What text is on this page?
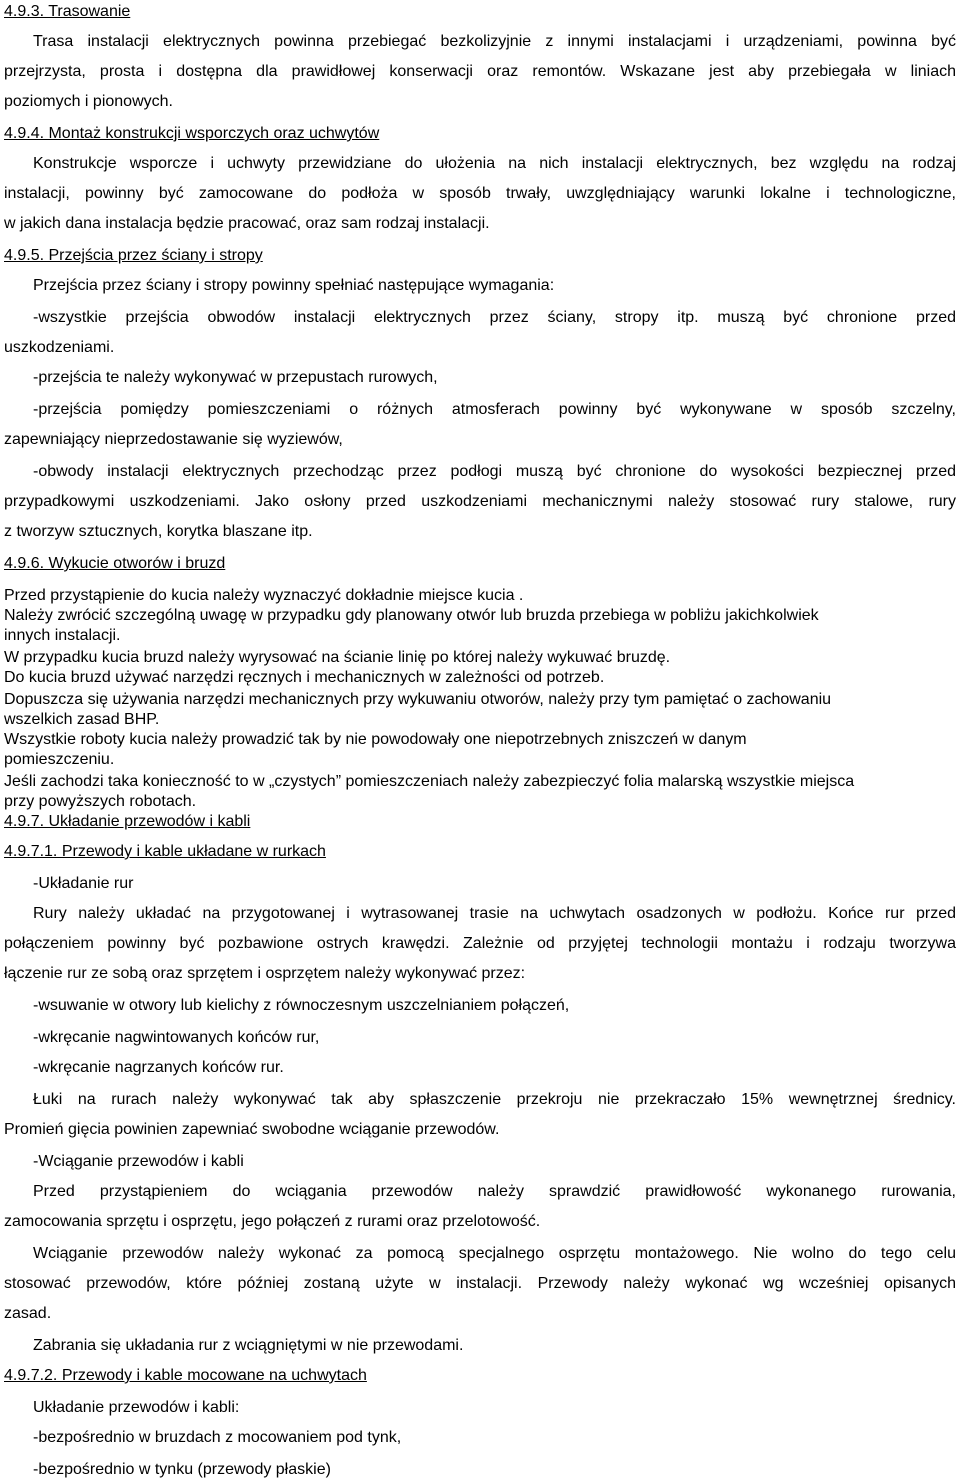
4.9.3. Trasowanie

Trasa instalacji elektrycznych powinna przebiegać bezkolizyjnie z innymi instalacjami i urządzeniami, powinna być

przejrzysta, prosta i dostępna dla prawidłowej konserwacji oraz remontów. Wskazane jest aby przebiegała w liniach

poziomych i pionowych.

4.9.4. Montaż konstrukcji wsporczych oraz uchwytów

Konstrukcje wsporcze i uchwyty przewidziane do ułożenia na nich instalacji elektrycznych, bez względu na rodzaj

instalacji, powinny być zamocowane do podłoża w sposób trwały, uwzględniający warunki lokalne i technologiczne,

w jakich dana instalacja będzie pracować, oraz sam rodzaj instalacji.

4.9.5. Przejścia przez ściany i stropy

Przejścia przez ściany i stropy powinny spełniać następujące wymagania:

-wszystkie przejścia obwodów instalacji elektrycznych przez ściany, stropy itp. muszą być chronione przed

uszkodzeniami.

-przejścia te należy wykonywać w przepustach rurowych,

-przejścia pomiędzy pomieszczeniami o różnych atmosferach powinny być wykonywane w sposób szczelny,

zapewniający nieprzedostawanie się wyziewów,

-obwody instalacji elektrycznych przechodząc przez podłogi muszą być chronione do wysokości bezpiecznej przed

przypadkowymi uszkodzeniami. Jako osłony przed uszkodzeniami mechanicznymi należy stosować rury stalowe, rury

z tworzyw sztucznych, korytka blaszane itp.

4.9.6. Wykucie otworów i bruzd

Przed przystąpienie do kucia należy wyznaczyć dokładnie miejsce kucia .

Należy zwrócić szczególną uwagę w przypadku gdy planowany otwór lub bruzda przebiega w pobliżu jakichkolwiek

innych instalacji.

W przypadku kucia bruzd należy wyrysować na ścianie linię po której należy wykuwać bruzdę.

Do kucia bruzd używać narzędzi ręcznych i mechanicznych w zależności od potrzeb.

Dopuszcza się używania narzędzi mechanicznych przy wykuwaniu otworów, należy przy tym pamiętać o zachowaniu

wszelkich zasad BHP.

Wszystkie roboty kucia należy prowadzić tak by nie powodowały one niepotrzebnych zniszczeń w danym

pomieszczeniu.

Jeśli zachodzi taka konieczność to w „czystych” pomieszczeniach należy zabezpieczyć folia malarską wszystkie miejsca

przy powyższych robotach.

4.9.7. Układanie przewodów i kabli

4.9.7.1. Przewody i kable układane w rurkach

-Układanie rur

Rury należy układać na przygotowanej i wytrasowanej trasie na uchwytach osadzonych w podłożu. Końce rur przed

połączeniem powinny być pozbawione ostrych krawędzi. Zależnie od przyjętej technologii montażu i rodzaju tworzywa

łączenie rur ze sobą oraz sprzętem i osprzętem należy wykonywać przez:

-wsuwanie w otwory lub kielichy z równoczesnym uszczelnianiem połączeń,

-wkręcanie nagwintowanych końców rur,

-wkręcanie nagrzanych końców rur.

Łuki na rurach należy wykonywać tak aby spłaszczenie przekroju nie przekraczało 15% wewnętrznej średnicy.

Promień gięcia powinien zapewniać swobodne wciąganie przewodów.

-Wciąganie przewodów i kabli

Przed przystąpieniem do wciągania przewodów należy sprawdzić prawidłowość wykonanego rurowania,

zamocowania sprzętu i osprzętu, jego połączeń z rurami oraz przelotowość.

Wciąganie przewodów należy wykonać za pomocą specjalnego osprzętu montażowego. Nie wolno do tego celu

stosować przewodów, które później zostaną użyte w instalacji. Przewody należy wykonać wg wcześniej opisanych

zasad.

Zabrania się układania rur z wciągniętymi w nie przewodami.

4.9.7.2. Przewody i kable mocowane na uchwytach

Układanie przewodów i kabli:

-bezpośrednio w bruzdach z mocowaniem pod tynk,

-bezpośrednio w tynku (przewody płaskie)
